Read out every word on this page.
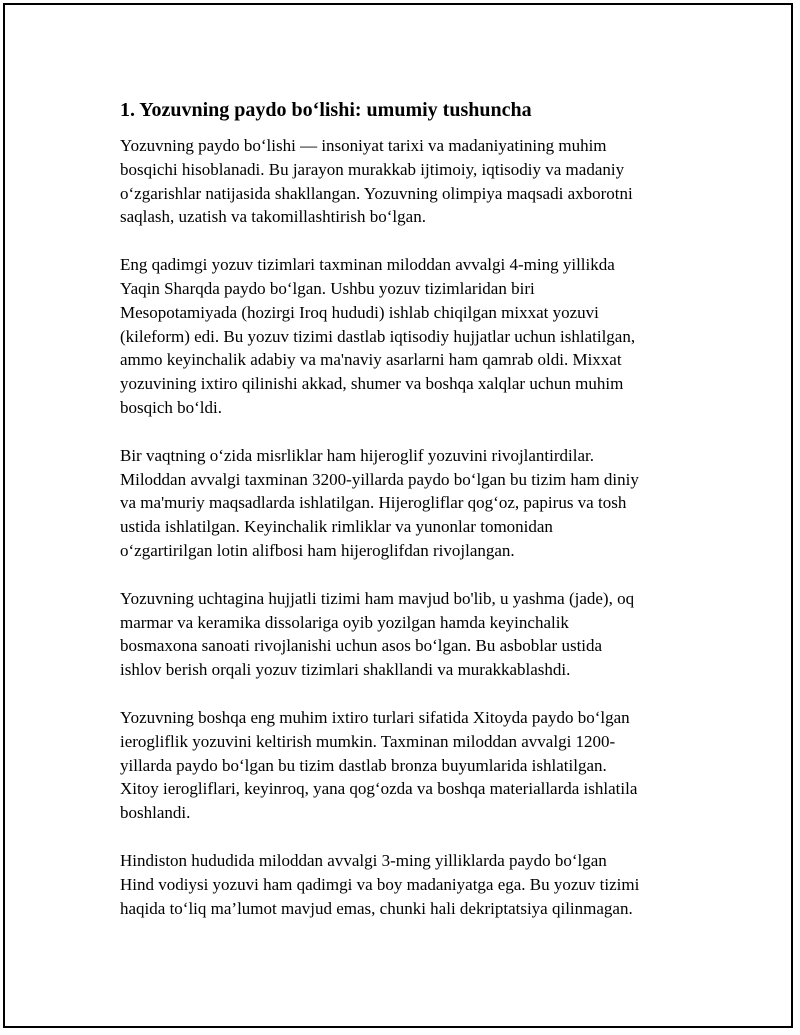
1. Yozuvning paydo boʻlishi: umumiy tushuncha
Yozuvning paydo boʻlishi — insoniyat tarixi va madaniyatining muhim
bosqichi hisoblanadi. Bu jarayon murakkab ijtimoiy, iqtisodiy va madaniy
oʻzgarishlar natijasida shakllangan. Yozuvning olimpiya maqsadi axborotni
saqlash, uzatish va takomillashtirish boʻlgan.
Eng qadimgi yozuv tizimlari taxminan miloddan avvalgi 4-ming yillikda
Yaqin Sharqda paydo boʻlgan. Ushbu yozuv tizimlaridan biri
Mesopotamiyada (hozirgi Iroq hududi) ishlab chiqilgan mixxat yozuvi
(kileform) edi. Bu yozuv tizimi dastlab iqtisodiy hujjatlar uchun ishlatilgan,
ammo keyinchalik adabiy va ma'naviy asarlarni ham qamrab oldi. Mixxat
yozuvining ixtiro qilinishi akkad, shumer va boshqa xalqlar uchun muhim
bosqich boʻldi.
Bir vaqtning oʻzida misrliklar ham hijeroglif yozuvini rivojlantirdilar.
Miloddan avvalgi taxminan 3200-yillarda paydo boʻlgan bu tizim ham diniy
va ma'muriy maqsadlarda ishlatilgan. Hijerogliflar qogʻoz, papirus va tosh
ustida ishlatilgan. Keyinchalik rimliklar va yunonlar tomonidan
oʻzgartirilgan lotin alifbosi ham hijeroglifdan rivojlangan.
Yozuvning uchtagina hujjatli tizimi ham mavjud bo'lib, u yashma (jade), oq
marmar va keramika dissolariga oyib yozilgan hamda keyinchalik
bosmaxona sanoati rivojlanishi uchun asos boʻlgan. Bu asboblar ustida
ishlov berish orqali yozuv tizimlari shakllandi va murakkablashdi.
Yozuvning boshqa eng muhim ixtiro turlari sifatida Xitoyda paydo boʻlgan
ierogliflik yozuvini keltirish mumkin. Taxminan miloddan avvalgi 1200-
yillarda paydo boʻlgan bu tizim dastlab bronza buyumlarida ishlatilgan.
Xitoy ierogliflari, keyinroq, yana qogʻozda va boshqa materiallarda ishlatila
boshlandi.
Hindiston hududida miloddan avvalgi 3-ming yilliklarda paydo boʻlgan
Hind vodiysi yozuvi ham qadimgi va boy madaniyatga ega. Bu yozuv tizimi
haqida toʻliq ma’lumot mavjud emas, chunki hali dekriptatsiya qilinmagan.
